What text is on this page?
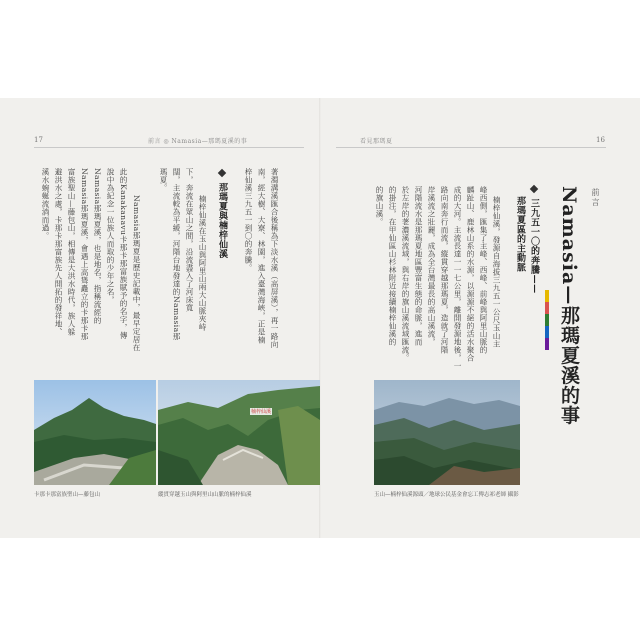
17	前言 ◎ Namasia—那瑪夏溪的事
著濁溝溪匯合後稱為下淡水溪（高屏溪），再一路向
南，經大樹、大寮、林園，進入臺灣海峽，正是楠
梓仙溪三九五一到〇的奔騰。
那瑪夏與楠梓仙溪
楠梓仙溪在玉山與阿里山兩大山脈夾峙
下，奔流在眾山之間，沿流盡入了河床寬
闊，主流較為平緩，河階台地發達的Namasia那
瑪夏。
Namasia那瑪夏是歷史記載中，最早定居在
此的Kanakanavu卡那卡那富族賦予的名字，傳
說中為紀念一位族人而取的少年之名，
Namasia那瑪夏溪，也是地名，指稱流經的
Namasia那瑪夏溪，會遇上高聳矗立的卡那卡那
富族聖山—藤包山，相傳是大洪水時代，族人躲
避洪水之處，卡那卡那富族先人開拓的發祥地、
溪水蜿蜒流淌而過。
卡那卡那富族聖山—藤包山
楠梓仙溪
縱貫穿越玉山與阿里山山脈的楠梓仙溪
看見那瑪夏	16
前言
Namasia—那瑪夏溪的事
三九五一〇的奔騰——
那瑪夏區的主動脈
楠梓仙溪，發源自海拔三九五一公尺玉山主
峰西側，匯集了主峰、西峰、前峰與阿里山脈的
麟趾山、鹿林山系的水源，以源源不絕的活水聚合
成的大河。主流長達一一七公里，離開發源地後，一
路向南奔行而流，縱貫穿越那瑪夏，造就了河階
岸溪流之壯麗，成為全台灣最長的高山溪流，
河階流水是那瑪夏地區豐富生態的命脈，進而
於左岸的荖濃溪流域，與右岸的旗山溪流域匯流。
的掛注，在甲仙區山杉林附近接續楠梓仙溪的
的旗山溪。
玉山—楠梓仙溪源頭／地球公民基金會忘工傳志祁老師 攝影
